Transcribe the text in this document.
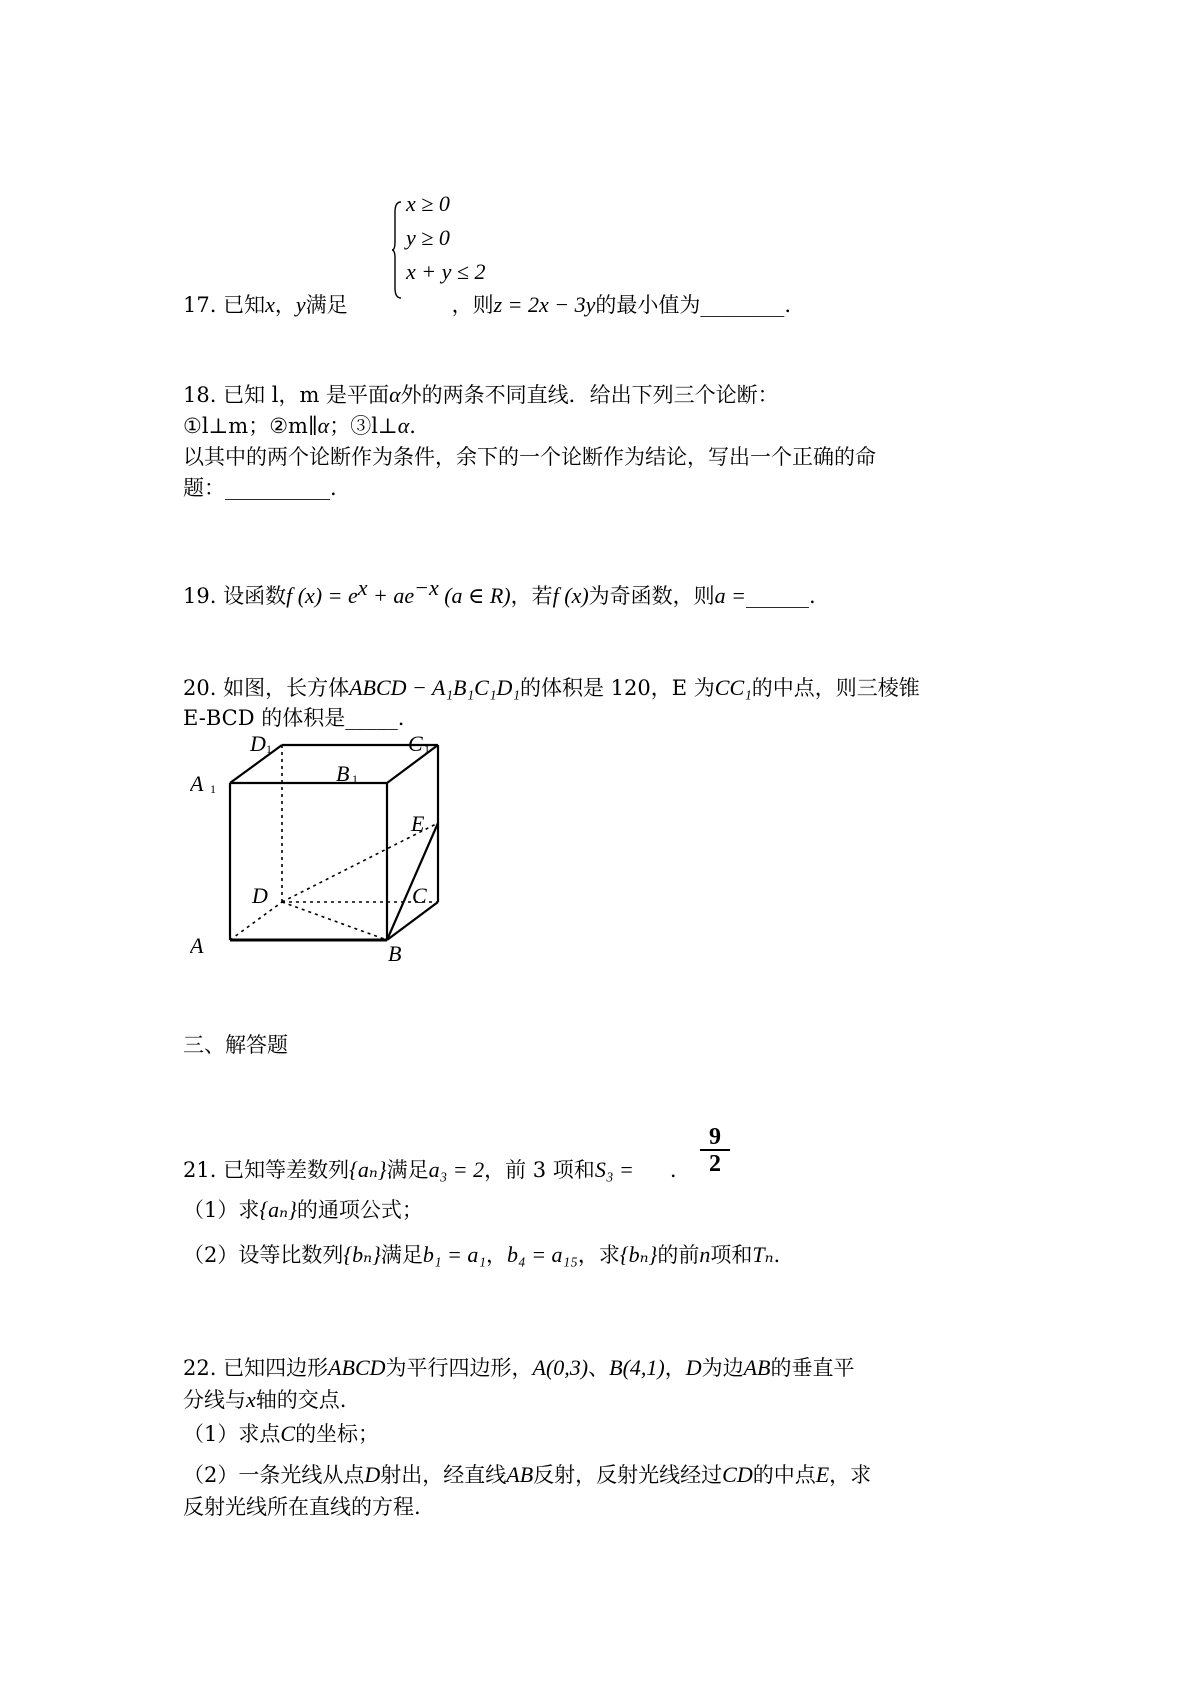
x ≥ 0
y ≥ 0
x + y ≤ 2
17. 已知x，y满足	，则z = 2x − 3y的最小值为________.
18. 已知 l，m 是平面α外的两条不同直线．给出下列三个论断：
①l⊥m；②m∥α；③l⊥α.
以其中的两个论断作为条件，余下的一个论断作为结论，写出一个正确的命
题：__________.
19. 设函数f $(x) = e^x + ae^{-x}$ (a ∈ R)，若f (x)为奇函数，则a =______.
20. 如图，长方体ABCD − A₁B₁C₁D₁的体积是 120，E 为CC₁的中点，则三棱锥
E-BCD 的体积是_____.
D 1	C 1
A 1
B 1
E
D	C
A	B
三、解答题
$\frac{9}{2}$
21. 已知等差数列{aₙ}满足a₃ = 2，前 3 项和S₃ = .
（1）求{aₙ}的通项公式；
（2）设等比数列{bₙ}满足b₁ = a₁，b₄ = a₁₅，求{bₙ}的前n项和Tₙ.
22. 已知四边形ABCD为平行四边形，A(0,3)、B(4,1)，D为边AB的垂直平
分线与x轴的交点.
（1）求点C的坐标；
（2）一条光线从点D射出，经直线AB反射，反射光线经过CD的中点E，求
反射光线所在直线的方程.
